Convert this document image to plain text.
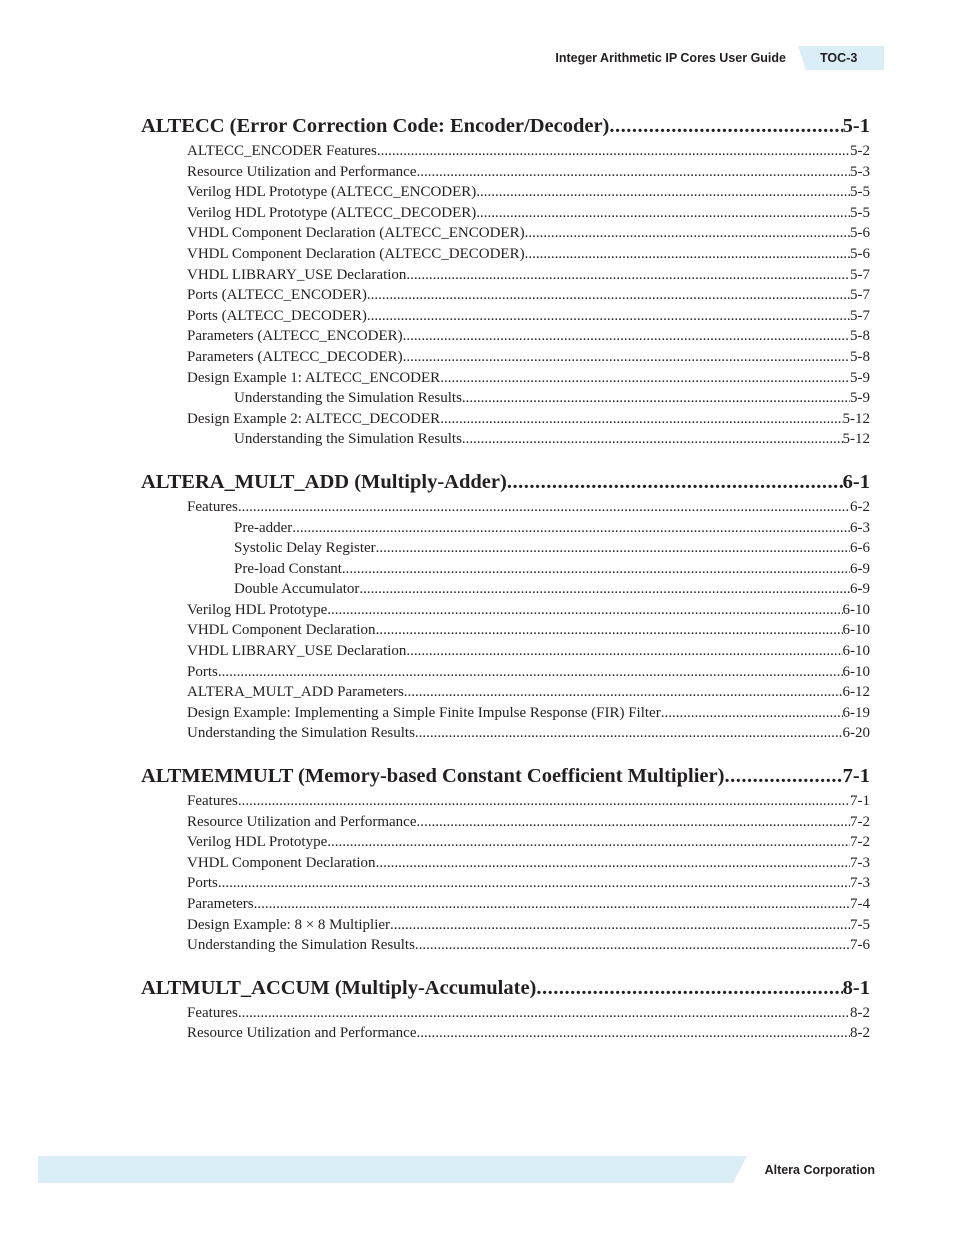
Integer Arithmetic IP Cores User Guide	TOC-3
ALTECC (Error Correction Code: Encoder/Decoder) .....	5-1
ALTECC_ENCODER Features .....	5-2
Resource Utilization and Performance .....	5-3
Verilog HDL Prototype (ALTECC_ENCODER) .....	5-5
Verilog HDL Prototype (ALTECC_DECODER) .....	5-5
VHDL Component Declaration (ALTECC_ENCODER) .....	5-6
VHDL Component Declaration (ALTECC_DECODER) .....	5-6
VHDL LIBRARY_USE Declaration .....	5-7
Ports (ALTECC_ENCODER) .....	5-7
Ports (ALTECC_DECODER) .....	5-7
Parameters (ALTECC_ENCODER) .....	5-8
Parameters (ALTECC_DECODER) .....	5-8
Design Example 1: ALTECC_ENCODER .....	5-9
Understanding the Simulation Results .....	5-9
Design Example 2: ALTECC_DECODER .....	5-12
Understanding the Simulation Results .....	5-12
ALTERA_MULT_ADD (Multiply-Adder) .....	6-1
Features .....	6-2
Pre-adder .....	6-3
Systolic Delay Register .....	6-6
Pre-load Constant .....	6-9
Double Accumulator .....	6-9
Verilog HDL Prototype .....	6-10
VHDL Component Declaration .....	6-10
VHDL LIBRARY_USE Declaration .....	6-10
Ports .....	6-10
ALTERA_MULT_ADD Parameters .....	6-12
Design Example: Implementing a Simple Finite Impulse Response (FIR) Filter .....	6-19
Understanding the Simulation Results .....	6-20
ALTMEMMULT (Memory-based Constant Coefficient Multiplier) .....	7-1
Features .....	7-1
Resource Utilization and Performance .....	7-2
Verilog HDL Prototype .....	7-2
VHDL Component Declaration .....	7-3
Ports .....	7-3
Parameters .....	7-4
Design Example: 8 × 8 Multiplier .....	7-5
Understanding the Simulation Results .....	7-6
ALTMULT_ACCUM (Multiply-Accumulate) .....	8-1
Features .....	8-2
Resource Utilization and Performance .....	8-2
Altera Corporation
